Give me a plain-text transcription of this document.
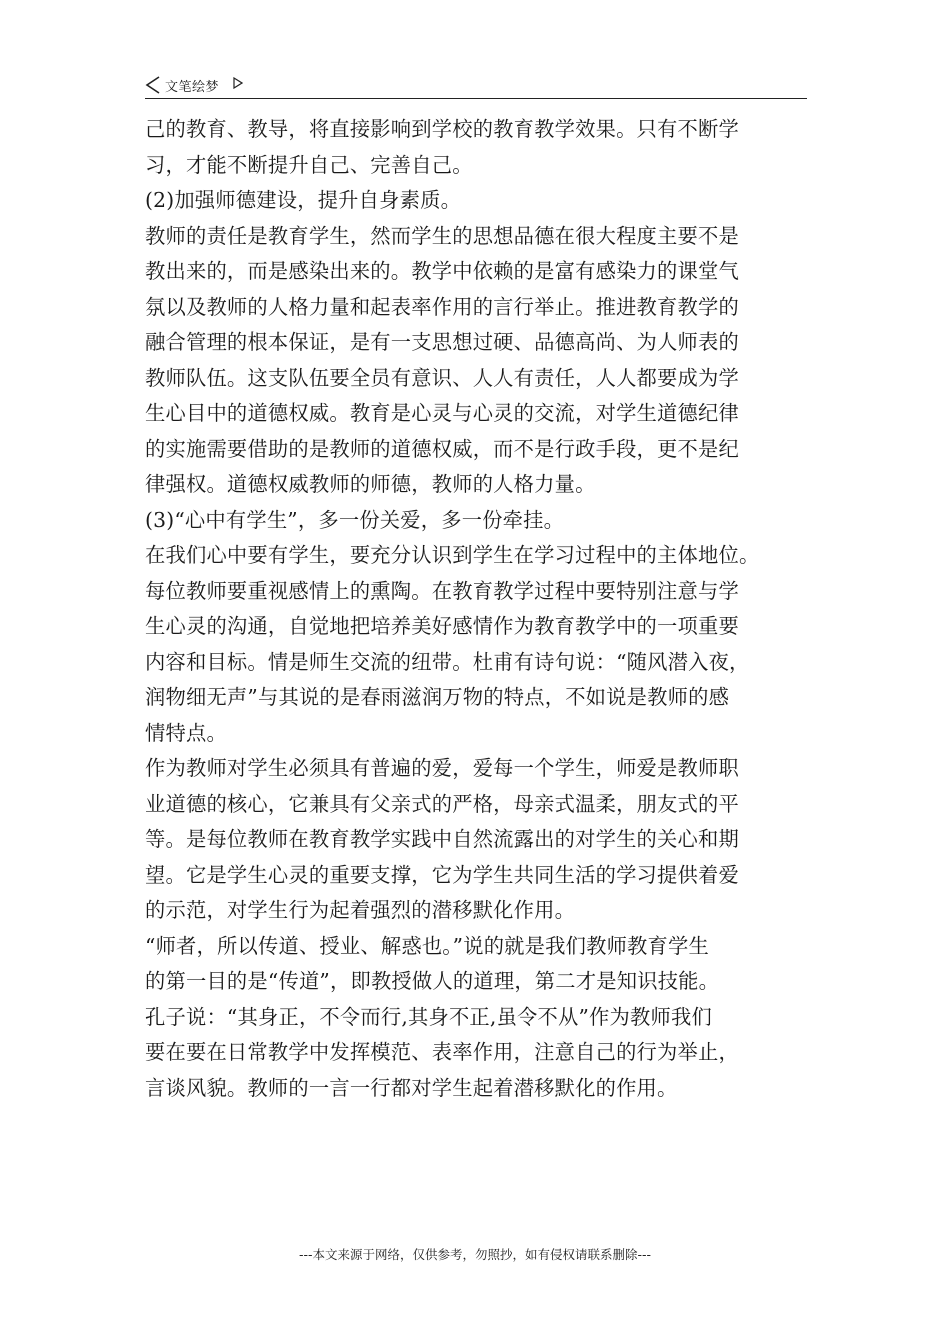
文笔绘梦
己的教育、教导，将直接影响到学校的教育教学效果。只有不断学
习，才能不断提升自己、完善自己。
(2)加强师德建设，提升自身素质。
教师的责任是教育学生，然而学生的思想品德在很大程度主要不是
教出来的，而是感染出来的。教学中依赖的是富有感染力的课堂气
氛以及教师的人格力量和起表率作用的言行举止。推进教育教学的
融合管理的根本保证，是有一支思想过硬、品德高尚、为人师表的
教师队伍。这支队伍要全员有意识、人人有责任，人人都要成为学
生心目中的道德权威。教育是心灵与心灵的交流，对学生道德纪律
的实施需要借助的是教师的道德权威，而不是行政手段，更不是纪
律强权。道德权威教师的师德，教师的人格力量。
(3)“心中有学生”，多一份关爱，多一份牵挂。
在我们心中要有学生，要充分认识到学生在学习过程中的主体地位。
每位教师要重视感情上的熏陶。在教育教学过程中要特别注意与学
生心灵的沟通，自觉地把培养美好感情作为教育教学中的一项重要
内容和目标。情是师生交流的纽带。杜甫有诗句说：“随风潜入夜，
润物细无声”与其说的是春雨滋润万物的特点，不如说是教师的感
情特点。
作为教师对学生必须具有普遍的爱，爱每一个学生，师爱是教师职
业道德的核心，它兼具有父亲式的严格，母亲式温柔，朋友式的平
等。是每位教师在教育教学实践中自然流露出的对学生的关心和期
望。它是学生心灵的重要支撑，它为学生共同生活的学习提供着爱
的示范，对学生行为起着强烈的潜移默化作用。
“师者，所以传道、授业、解惑也。”说的就是我们教师教育学生
的第一目的是“传道”，即教授做人的道理，第二才是知识技能。
孔子说：“其身正，不令而行,其身不正,虽令不从”作为教师我们
要在要在日常教学中发挥模范、表率作用，注意自己的行为举止，
言谈风貌。教师的一言一行都对学生起着潜移默化的作用。
---本文来源于网络，仅供参考，勿照抄，如有侵权请联系删除---
